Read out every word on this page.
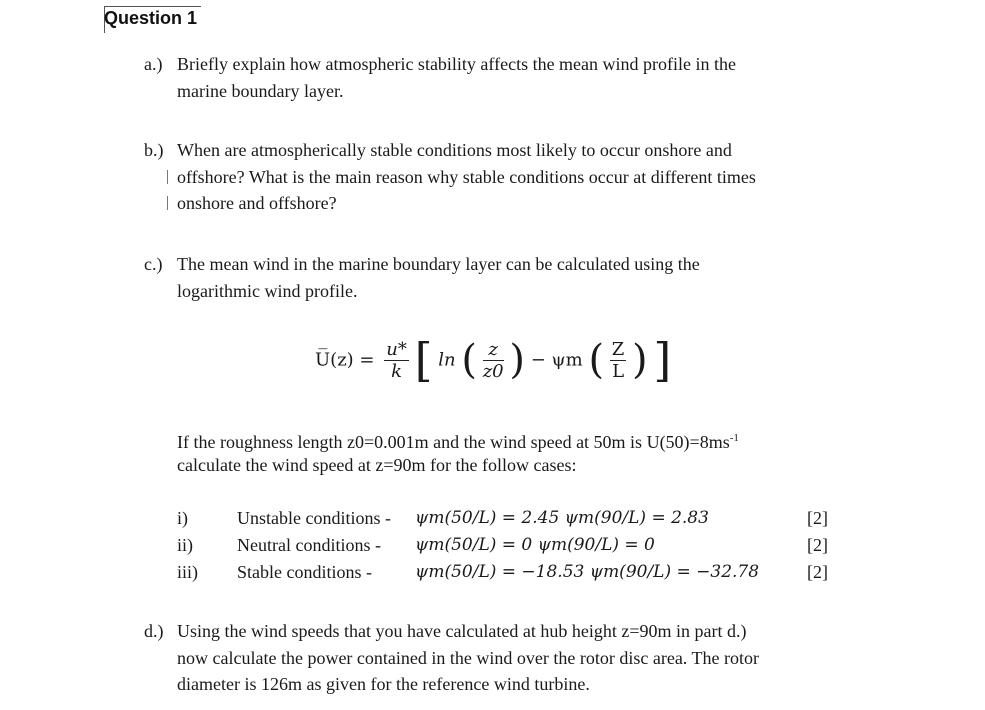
Question 1
a.) Briefly explain how atmospheric stability affects the mean wind profile in the
marine boundary layer.
b.) When are atmospherically stable conditions most likely to occur onshore and
offshore? What is the main reason why stable conditions occur at different times
onshore and offshore?
c.) The mean wind in the marine boundary layer can be calculated using the
logarithmic wind profile.
U̅(z) = $\frac{u*}{k}$ [ ln ( $\frac{z}{z0}$ ) − ψm ( $\frac{Z}{L}$ ) ]
If the roughness length z0=0.001m and the wind speed at 50m is $U(50)=8ms^{-1}$
calculate the wind speed at z=90m for the follow cases:
i)	Unstable conditions - ψm(50/L) = 2.45 ψm(90/L) = 2.83	[2]
ii) Neutral conditions - ψm(50/L) = 0 ψm(90/L) = 0	[2]
iii) Stable conditions -	ψm(50/L) = −18.53 ψm(90/L) = −32.78	[2]
d.) Using the wind speeds that you have calculated at hub height z=90m in part d.)
now calculate the power contained in the wind over the rotor disc area. The rotor
diameter is 126m as given for the reference wind turbine.
